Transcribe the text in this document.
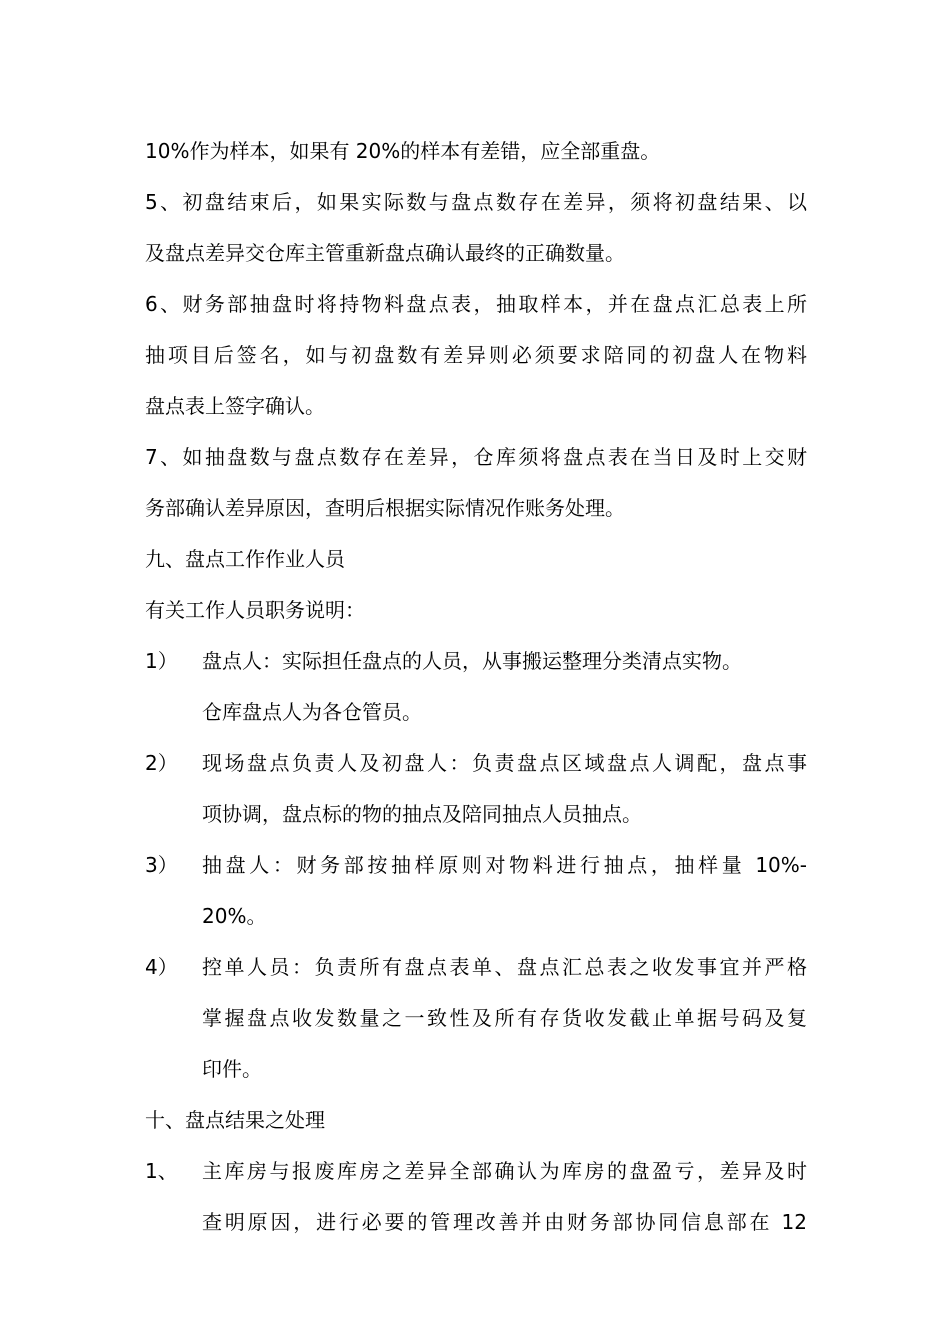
10%作为样本，如果有 20%的样本有差错，应全部重盘。
5、初盘结束后，如果实际数与盘点数存在差异，须将初盘结果、以
及盘点差异交仓库主管重新盘点确认最终的正确数量。
6、财务部抽盘时将持物料盘点表，抽取样本，并在盘点汇总表上所
抽项目后签名，如与初盘数有差异则必须要求陪同的初盘人在物料
盘点表上签字确认。
7、如抽盘数与盘点数存在差异，仓库须将盘点表在当日及时上交财
务部确认差异原因，查明后根据实际情况作账务处理。
九、盘点工作作业人员
有关工作人员职务说明：
1） 盘点人：实际担任盘点的人员，从事搬运整理分类清点实物。
仓库盘点人为各仓管员。
2） 现场盘点负责人及初盘人：负责盘点区域盘点人调配，盘点事
项协调，盘点标的物的抽点及陪同抽点人员抽点。
3） 抽盘人：财务部按抽样原则对物料进行抽点，抽样量 10%-
20%。
4） 控单人员：负责所有盘点表单、盘点汇总表之收发事宜并严格
掌握盘点收发数量之一致性及所有存货收发截止单据号码及复
印件。
十、盘点结果之处理
1、 主库房与报废库房之差异全部确认为库房的盘盈亏，差异及时
查明原因，进行必要的管理改善并由财务部协同信息部在 12
